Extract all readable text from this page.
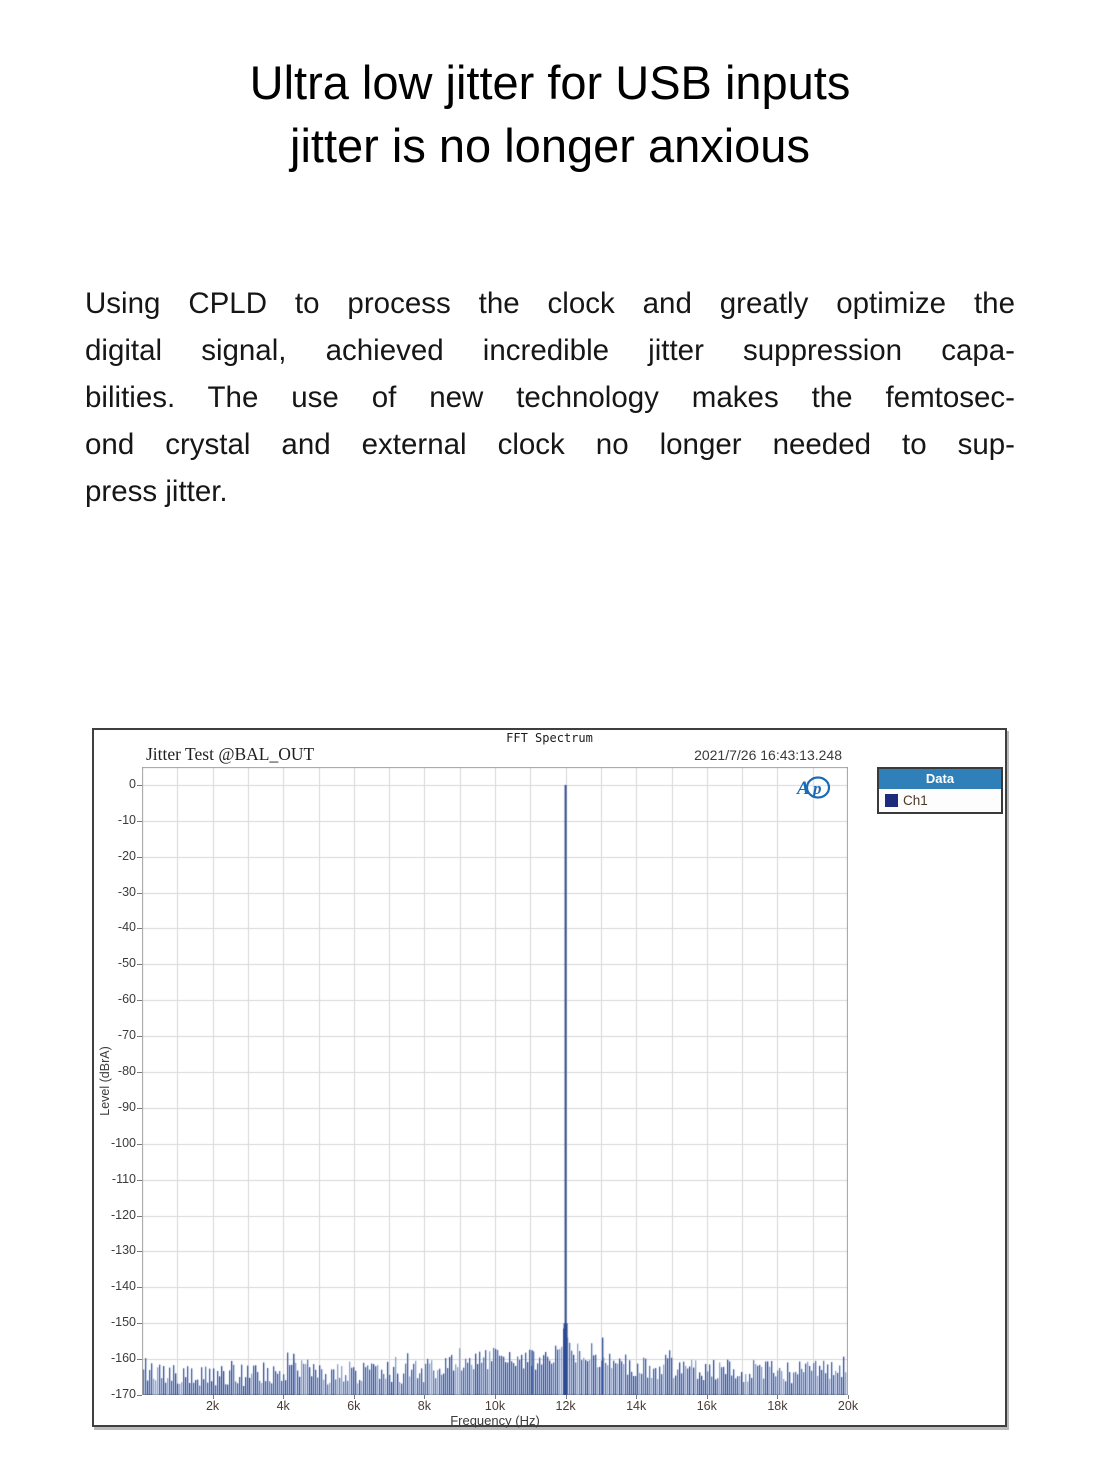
Ultra low jitter for USB inputs
jitter is no longer anxious
Using CPLD to process the clock and greatly optimize the
digital signal, achieved incredible jitter suppression capa-
bilities. The use of new technology makes the femtosec-
ond crystal and external clock no longer needed to sup-
press jitter.
FFT Spectrum
Jitter Test @BAL_OUT	2021/7/26 16:43:13.248
Level (dBrA)
0
-10
-20
-30
-40
-50
-60
-70
-80
-90
-100
-110
-120
-130
-140
-150
-160
-170
2k	4k	6k	8k	10k	12k	14k	16k	18k	20k
Frequency (Hz)
A p
Data
Ch1
